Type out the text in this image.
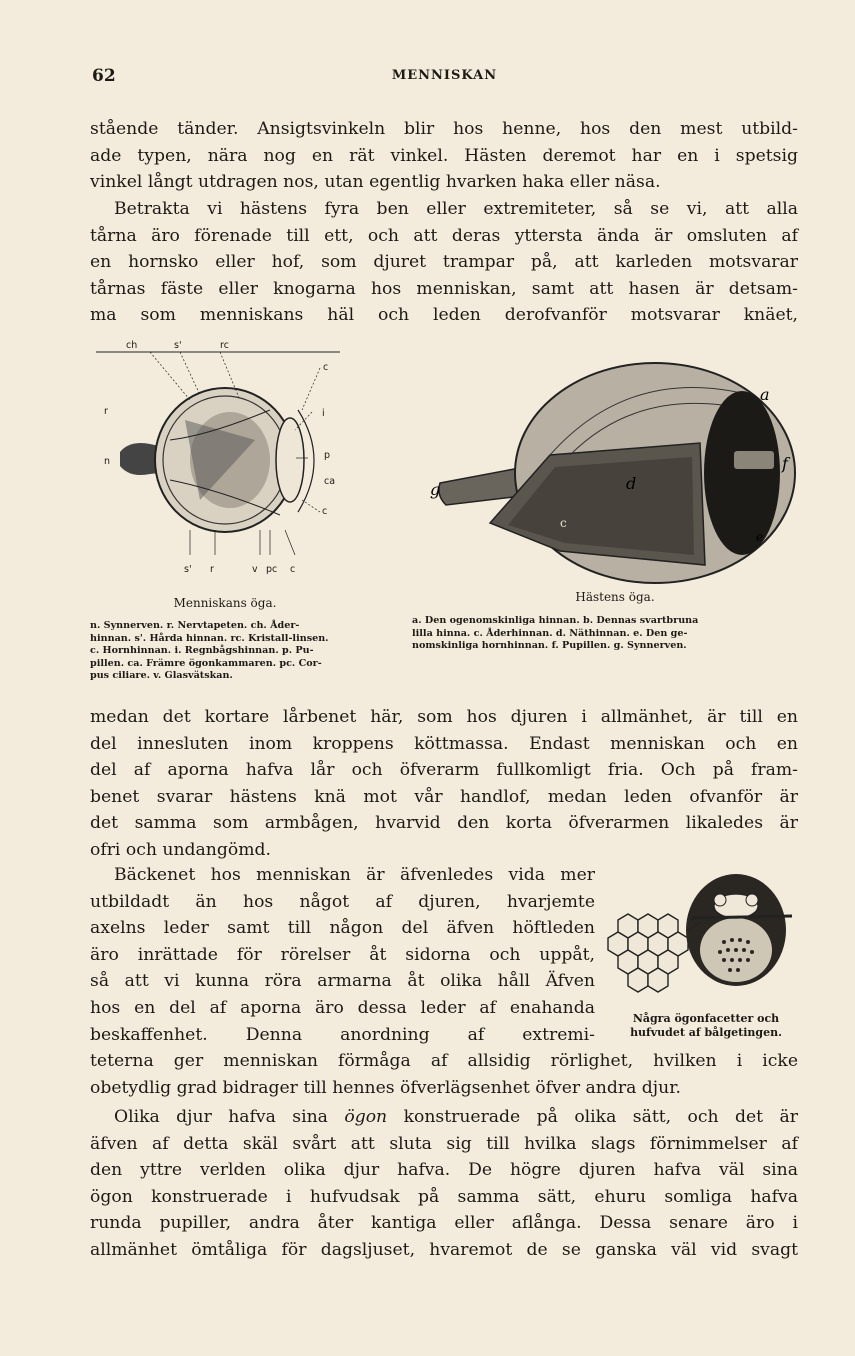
62	MENNISKAN

stående tänder. Ansigtsvinkeln blir hos henne, hos den mest utbild-
ade typen, nära nog en rät vinkel. Hästen deremot har en i spetsig
vinkel långt utdragen nos, utan egentlig hvarken haka eller näsa.

Betrakta vi hästens fyra ben eller extremiteter, så se vi, att alla
tårna äro förenade till ett, och att deras yttersta ända är omsluten af
en hornsko eller hof, som djuret trampar på, att karleden motsvarar
tårnas fäste eller knogarna hos menniskan, samt att hasen är detsam-
ma som menniskans häl och leden derofvanför motsvarar knäet,

ch	s'	rc
c
r	i
n
p
ca
c
s' r	v pc c
Menniskans öga.

n. Synnerven. r. Nervtapeten. ch. Åder-
hinnan. s'. Hårda hinnan. rc. Kristall-linsen.
c. Hornhinnan. i. Regnbågshinnan. p. Pu-
pillen. ca. Främre ögonkammaren. pc. Cor-
pus ciliare. v. Glasvätskan.

a
d
f
g
c
e
Hästens öga.

a. Den ogenomskinliga hinnan. b. Dennas svartbruna
lilla hinna. c. Åderhinnan. d. Näthinnan. e. Den ge-
nomskinliga hornhinnan. f. Pupillen. g. Synnerven.

medan det kortare lårbenet här, som hos djuren i allmänhet, är till en
del innesluten inom kroppens köttmassa. Endast menniskan och en
del af aporna hafva lår och öfverarm fullkomligt fria. Och på fram-
benet svarar hästens knä mot vår handlof, medan leden ofvanför är
det samma som armbågen, hvarvid den korta öfverarmen likaledes är
ofri och undangömd.

Bäckenet hos menniskan är äfvenledes vida mer
utbildadt än hos något af djuren, hvarjemte
axelns leder samt till någon del äfven höftleden
äro inrättade för rörelser åt sidorna och uppåt,
så att vi kunna röra armarna åt olika håll Äfven
hos en del af aporna äro dessa leder af enahanda
beskaffenhet. Denna anordning af extremi-

Några ögonfacetter och
hufvudet af bålgetingen.

teterna ger menniskan förmåga af allsidig rörlighet, hvilken i icke
obetydlig grad bidrager till hennes öfverlägsenhet öfver andra djur.

Olika djur hafva sina ögon konstruerade på olika sätt, och det är
äfven af detta skäl svårt att sluta sig till hvilka slags förnimmelser af
den yttre verlden olika djur hafva. De högre djuren hafva väl sina
ögon konstruerade i hufvudsak på samma sätt, ehuru somliga hafva
runda pupiller, andra åter kantiga eller aflånga. Dessa senare äro i
allmänhet ömtåliga för dagsljuset, hvaremot de se ganska väl vid svagt
